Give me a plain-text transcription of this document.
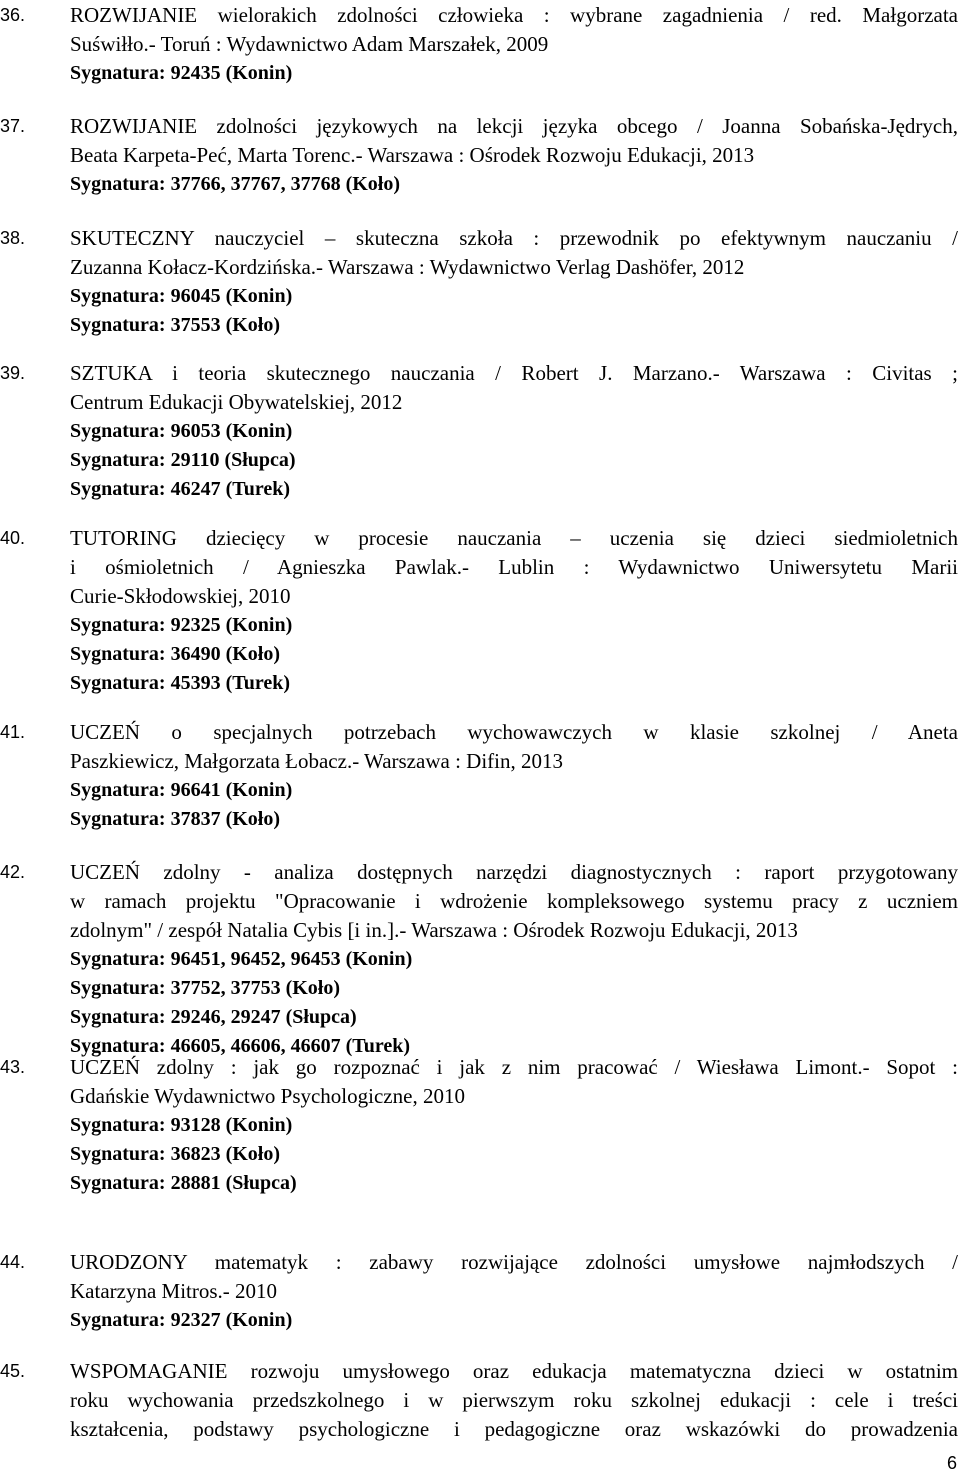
36. ROZWIJANIE wielorakich zdolności człowieka : wybrane zagadnienia / red. Małgorzata
Suświłło.- Toruń : Wydawnictwo Adam Marszałek, 2009
Sygnatura: 92435 (Konin)
37. ROZWIJANIE zdolności językowych na lekcji języka obcego / Joanna Sobańska-Jędrych,
Beata Karpeta-Peć, Marta Torenc.- Warszawa : Ośrodek Rozwoju Edukacji, 2013
Sygnatura: 37766, 37767, 37768 (Koło)
38. SKUTECZNY nauczyciel – skuteczna szkoła : przewodnik po efektywnym nauczaniu /
Zuzanna Kołacz-Kordzińska.- Warszawa : Wydawnictwo Verlag Dashöfer, 2012
Sygnatura: 96045 (Konin)
Sygnatura: 37553 (Koło)
39. SZTUKA i teoria skutecznego nauczania / Robert J. Marzano.- Warszawa : Civitas ;
Centrum Edukacji Obywatelskiej, 2012
Sygnatura: 96053 (Konin)
Sygnatura: 29110 (Słupca)
Sygnatura: 46247 (Turek)
40. TUTORING dziecięcy w procesie nauczania – uczenia się dzieci siedmioletnich
i ośmioletnich / Agnieszka Pawlak.- Lublin : Wydawnictwo Uniwersytetu Marii
Curie-Skłodowskiej, 2010
Sygnatura: 92325 (Konin)
Sygnatura: 36490 (Koło)
Sygnatura: 45393 (Turek)
41. UCZEŃ o specjalnych potrzebach wychowawczych w klasie szkolnej / Aneta
Paszkiewicz, Małgorzata Łobacz.- Warszawa : Difin, 2013
Sygnatura: 96641 (Konin)
Sygnatura: 37837 (Koło)
42. UCZEŃ zdolny - analiza dostępnych narzędzi diagnostycznych : raport przygotowany
w ramach projektu "Opracowanie i wdrożenie kompleksowego systemu pracy z uczniem
zdolnym" / zespół Natalia Cybis [i in.].- Warszawa : Ośrodek Rozwoju Edukacji, 2013
Sygnatura: 96451, 96452, 96453 (Konin)
Sygnatura: 37752, 37753 (Koło)
Sygnatura: 29246, 29247 (Słupca)
Sygnatura: 46605, 46606, 46607 (Turek)
43. UCZEŃ zdolny : jak go rozpoznać i jak z nim pracować / Wiesława Limont.- Sopot :
Gdańskie Wydawnictwo Psychologiczne, 2010
Sygnatura: 93128 (Konin)
Sygnatura: 36823 (Koło)
Sygnatura: 28881 (Słupca)
44. URODZONY matematyk : zabawy rozwijające zdolności umysłowe najmłodszych /
Katarzyna Mitros.- 2010
Sygnatura: 92327 (Konin)
45. WSPOMAGANIE rozwoju umysłowego oraz edukacja matematyczna dzieci w ostatnim
roku wychowania przedszkolnego i w pierwszym roku szkolnej edukacji : cele i treści
kształcenia, podstawy psychologiczne i pedagogiczne oraz wskazówki do prowadzenia
6
